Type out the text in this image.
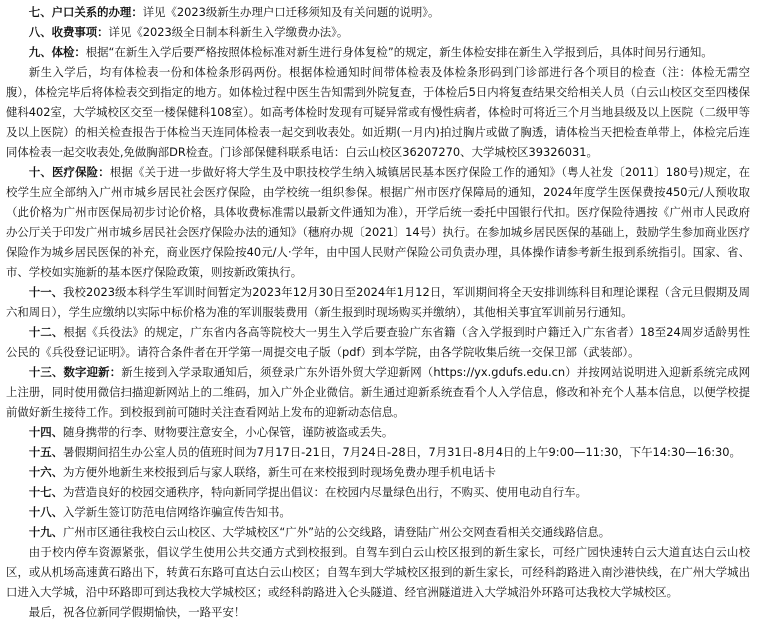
七、户口关系的办理：详见《2023级新生办理户口迁移须知及有关问题的说明》。

八、收费事项：详见《2023级全日制本科新生入学缴费办法》。

九、体检：根据“在新生入学后要严格按照体检标准对新生进行身体复检”的规定，新生体检安排在新生入学报到后，具体时间另行通知。

新生入学后，均有体检表一份和体检条形码两份。根据体检通知时间带体检表及体检条形码到门诊部进行各个项目的检查（注：体检无需空腹），体检完毕后将体检表交到指定的地方。如体检过程中医生告知需到外院复查，于体检后5日内将复查结果交给相关人员（白云山校区交至四楼保健科402室，大学城校区交至一楼保健科108室）。如高考体检时发现有可疑异常或有慢性病者，体检时可将近三个月当地县级及以上医院（二级甲等及以上医院）的相关检查报告于体检当天连同体检表一起交到收表处。如近期(一月内)拍过胸片或做了胸透，请体检当天把检查单带上，体检完后连同体检表一起交收表处,免做胸部DR检查。门诊部保健科联系电话：白云山校区36207270、大学城校区39326031。

十、医疗保险：根据《关于进一步做好将大学生及中职技校学生纳入城镇居民基本医疗保险工作的通知》（粤人社发〔2011〕180号)规定，在校学生应全部纳入广州市城乡居民社会医疗保险，由学校统一组织参保。根据广州市医疗保障局的通知，2024年度学生医保费按450元/人预收取（此价格为广州市医保局初步讨论价格，具体收费标准需以最新文件通知为准），开学后统一委托中国银行代扣。医疗保险待遇按《广州市人民政府办公厅关于印发广州市城乡居民社会医疗保险办法的通知》（穗府办规〔2021〕14号）执行。在参加城乡居民医保的基础上，鼓励学生参加商业医疗保险作为城乡居民医保的补充，商业医疗保险按40元/人·学年，由中国人民财产保险公司负责办理，具体操作请参考新生报到系统指引。国家、省、市、学校如实施新的基本医疗保险政策，则按新政策执行。

十一、我校2023级本科学生军训时间暂定为2023年12月30日至2024年1月12日，军训期间将全天安排训练科目和理论课程（含元旦假期及周六和周日），学生应缴纳以实际中标价格为准的军训服装费用（新生报到时现场购买并缴纳），其他相关事宜军训前另行通知。

十二、根据《兵役法》的规定，广东省内各高等院校大一男生入学后要查验广东省籍（含入学报到时户籍迁入广东省者）18至24周岁适龄男性公民的《兵役登记证明》。请符合条件者在开学第一周提交电子版（pdf）到本学院，由各学院收集后统一交保卫部（武装部）。

十三、数字迎新：新生接到入学录取通知后，须登录广东外语外贸大学迎新网（https://yx.gdufs.edu.cn）并按网站说明进入迎新系统完成网上注册，同时使用微信扫描迎新网站上的二维码，加入广外企业微信。新生通过迎新系统查看个人入学信息，修改和补充个人基本信息，以便学校提前做好新生接待工作。到校报到前可随时关注查看网站上发布的迎新动态信息。

十四、随身携带的行李、财物要注意安全，小心保管，谨防被盗或丢失。

十五、暑假期间招生办公室人员的值班时间为7月17日-21日，7月24日-28日，7月31日-8月4日的上午9:00—11:30，下午14:30—16:30。

十六、为方便外地新生来校报到后与家人联络，新生可在来校报到时现场免费办理手机电话卡

十七、为营造良好的校园交通秩序，特向新同学提出倡议：在校园内尽量绿色出行，不购买、使用电动自行车。

十八、入学新生签订防范电信网络诈骗宣传告知书。

十九、广州市区通往我校白云山校区、大学城校区“广外”站的公交线路，请登陆广州公交网查看相关交通线路信息。

由于校内停车资源紧张，倡议学生使用公共交通方式到校报到。自驾车到白云山校区报到的新生家长，可经广园快速转白云大道直达白云山校区，或从机场高速黄石路出下，转黄石东路可直达白云山校区；自驾车到大学城校区报到的新生家长，可经科韵路进入南沙港快线，在广州大学城出口进入大学城，沿中环路即可到达我校大学城校区；或经科韵路进入仑头隧道、经官洲隧道进入大学城沿外环路可达我校大学城校区。

最后，祝各位新同学假期愉快，一路平安！
